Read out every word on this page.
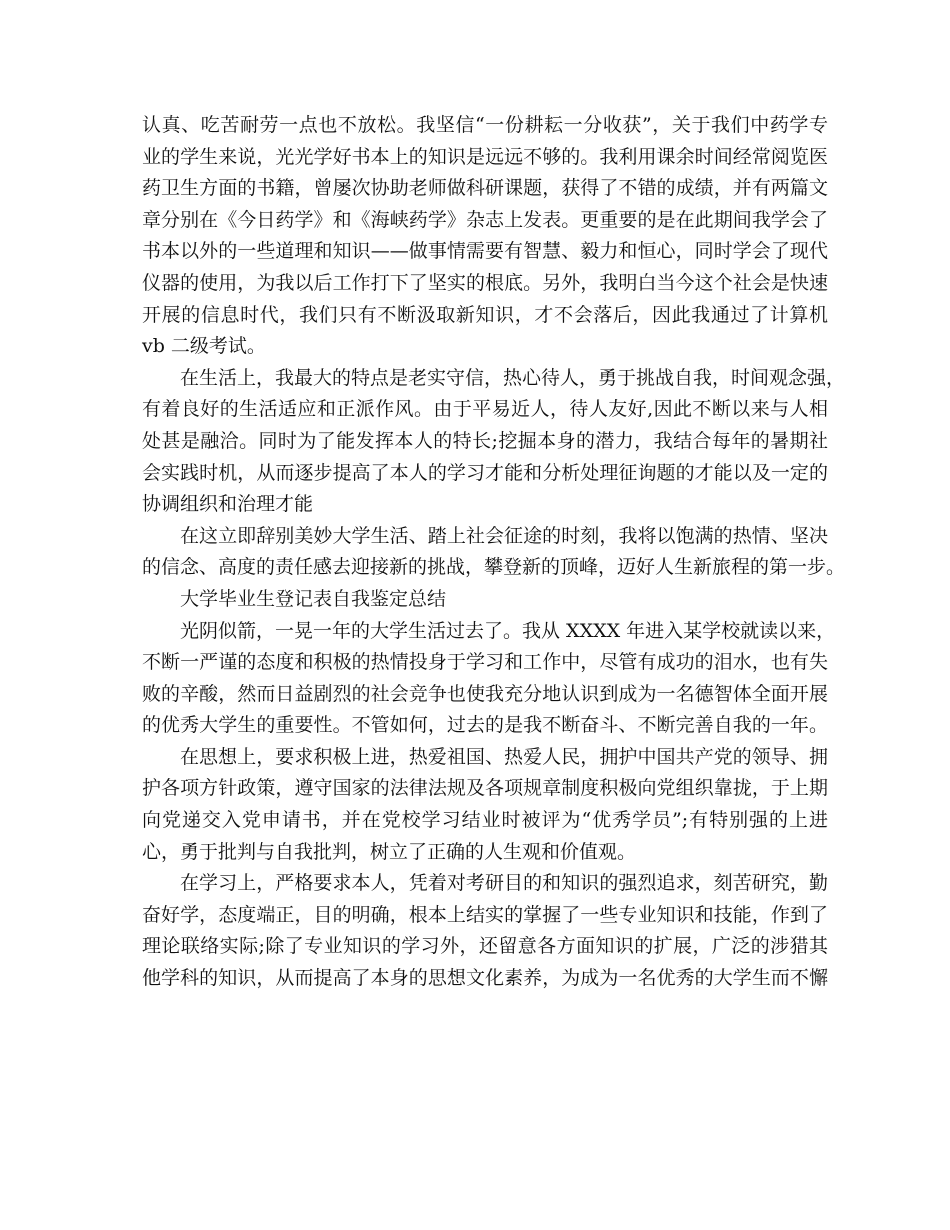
认真、吃苦耐劳一点也不放松。我坚信“一份耕耘一分收获”，关于我们中药学专
业的学生来说，光光学好书本上的知识是远远不够的。我利用课余时间经常阅览医
药卫生方面的书籍，曾屡次协助老师做科研课题，获得了不错的成绩，并有两篇文
章分别在《今日药学》和《海峡药学》杂志上发表。更重要的是在此期间我学会了
书本以外的一些道理和知识——做事情需要有智慧、毅力和恒心，同时学会了现代
仪器的使用，为我以后工作打下了坚实的根底。另外，我明白当今这个社会是快速
开展的信息时代，我们只有不断汲取新知识，才不会落后，因此我通过了计算机
vb 二级考试。
在生活上，我最大的特点是老实守信，热心待人，勇于挑战自我，时间观念强，
有着良好的生活适应和正派作风。由于平易近人，待人友好,因此不断以来与人相
处甚是融洽。同时为了能发挥本人的特长;挖掘本身的潜力，我结合每年的暑期社
会实践时机，从而逐步提高了本人的学习才能和分析处理征询题的才能以及一定的
协调组织和治理才能
在这立即辞别美妙大学生活、踏上社会征途的时刻，我将以饱满的热情、坚决
的信念、高度的责任感去迎接新的挑战，攀登新的顶峰，迈好人生新旅程的第一步。
大学毕业生登记表自我鉴定总结
光阴似箭，一晃一年的大学生活过去了。我从 XXXX 年进入某学校就读以来，
不断一严谨的态度和积极的热情投身于学习和工作中，尽管有成功的泪水，也有失
败的辛酸，然而日益剧烈的社会竞争也使我充分地认识到成为一名德智体全面开展
的优秀大学生的重要性。不管如何，过去的是我不断奋斗、不断完善自我的一年。
在思想上，要求积极上进，热爱祖国、热爱人民，拥护中国共产党的领导、拥
护各项方针政策，遵守国家的法律法规及各项规章制度积极向党组织靠拢，于上期
向党递交入党申请书，并在党校学习结业时被评为“优秀学员”;有特别强的上进
心，勇于批判与自我批判，树立了正确的人生观和价值观。
在学习上，严格要求本人，凭着对考研目的和知识的强烈追求，刻苦研究，勤
奋好学，态度端正，目的明确，根本上结实的掌握了一些专业知识和技能，作到了
理论联络实际;除了专业知识的学习外，还留意各方面知识的扩展，广泛的涉猎其
他学科的知识，从而提高了本身的思想文化素养，为成为一名优秀的大学生而不懈
